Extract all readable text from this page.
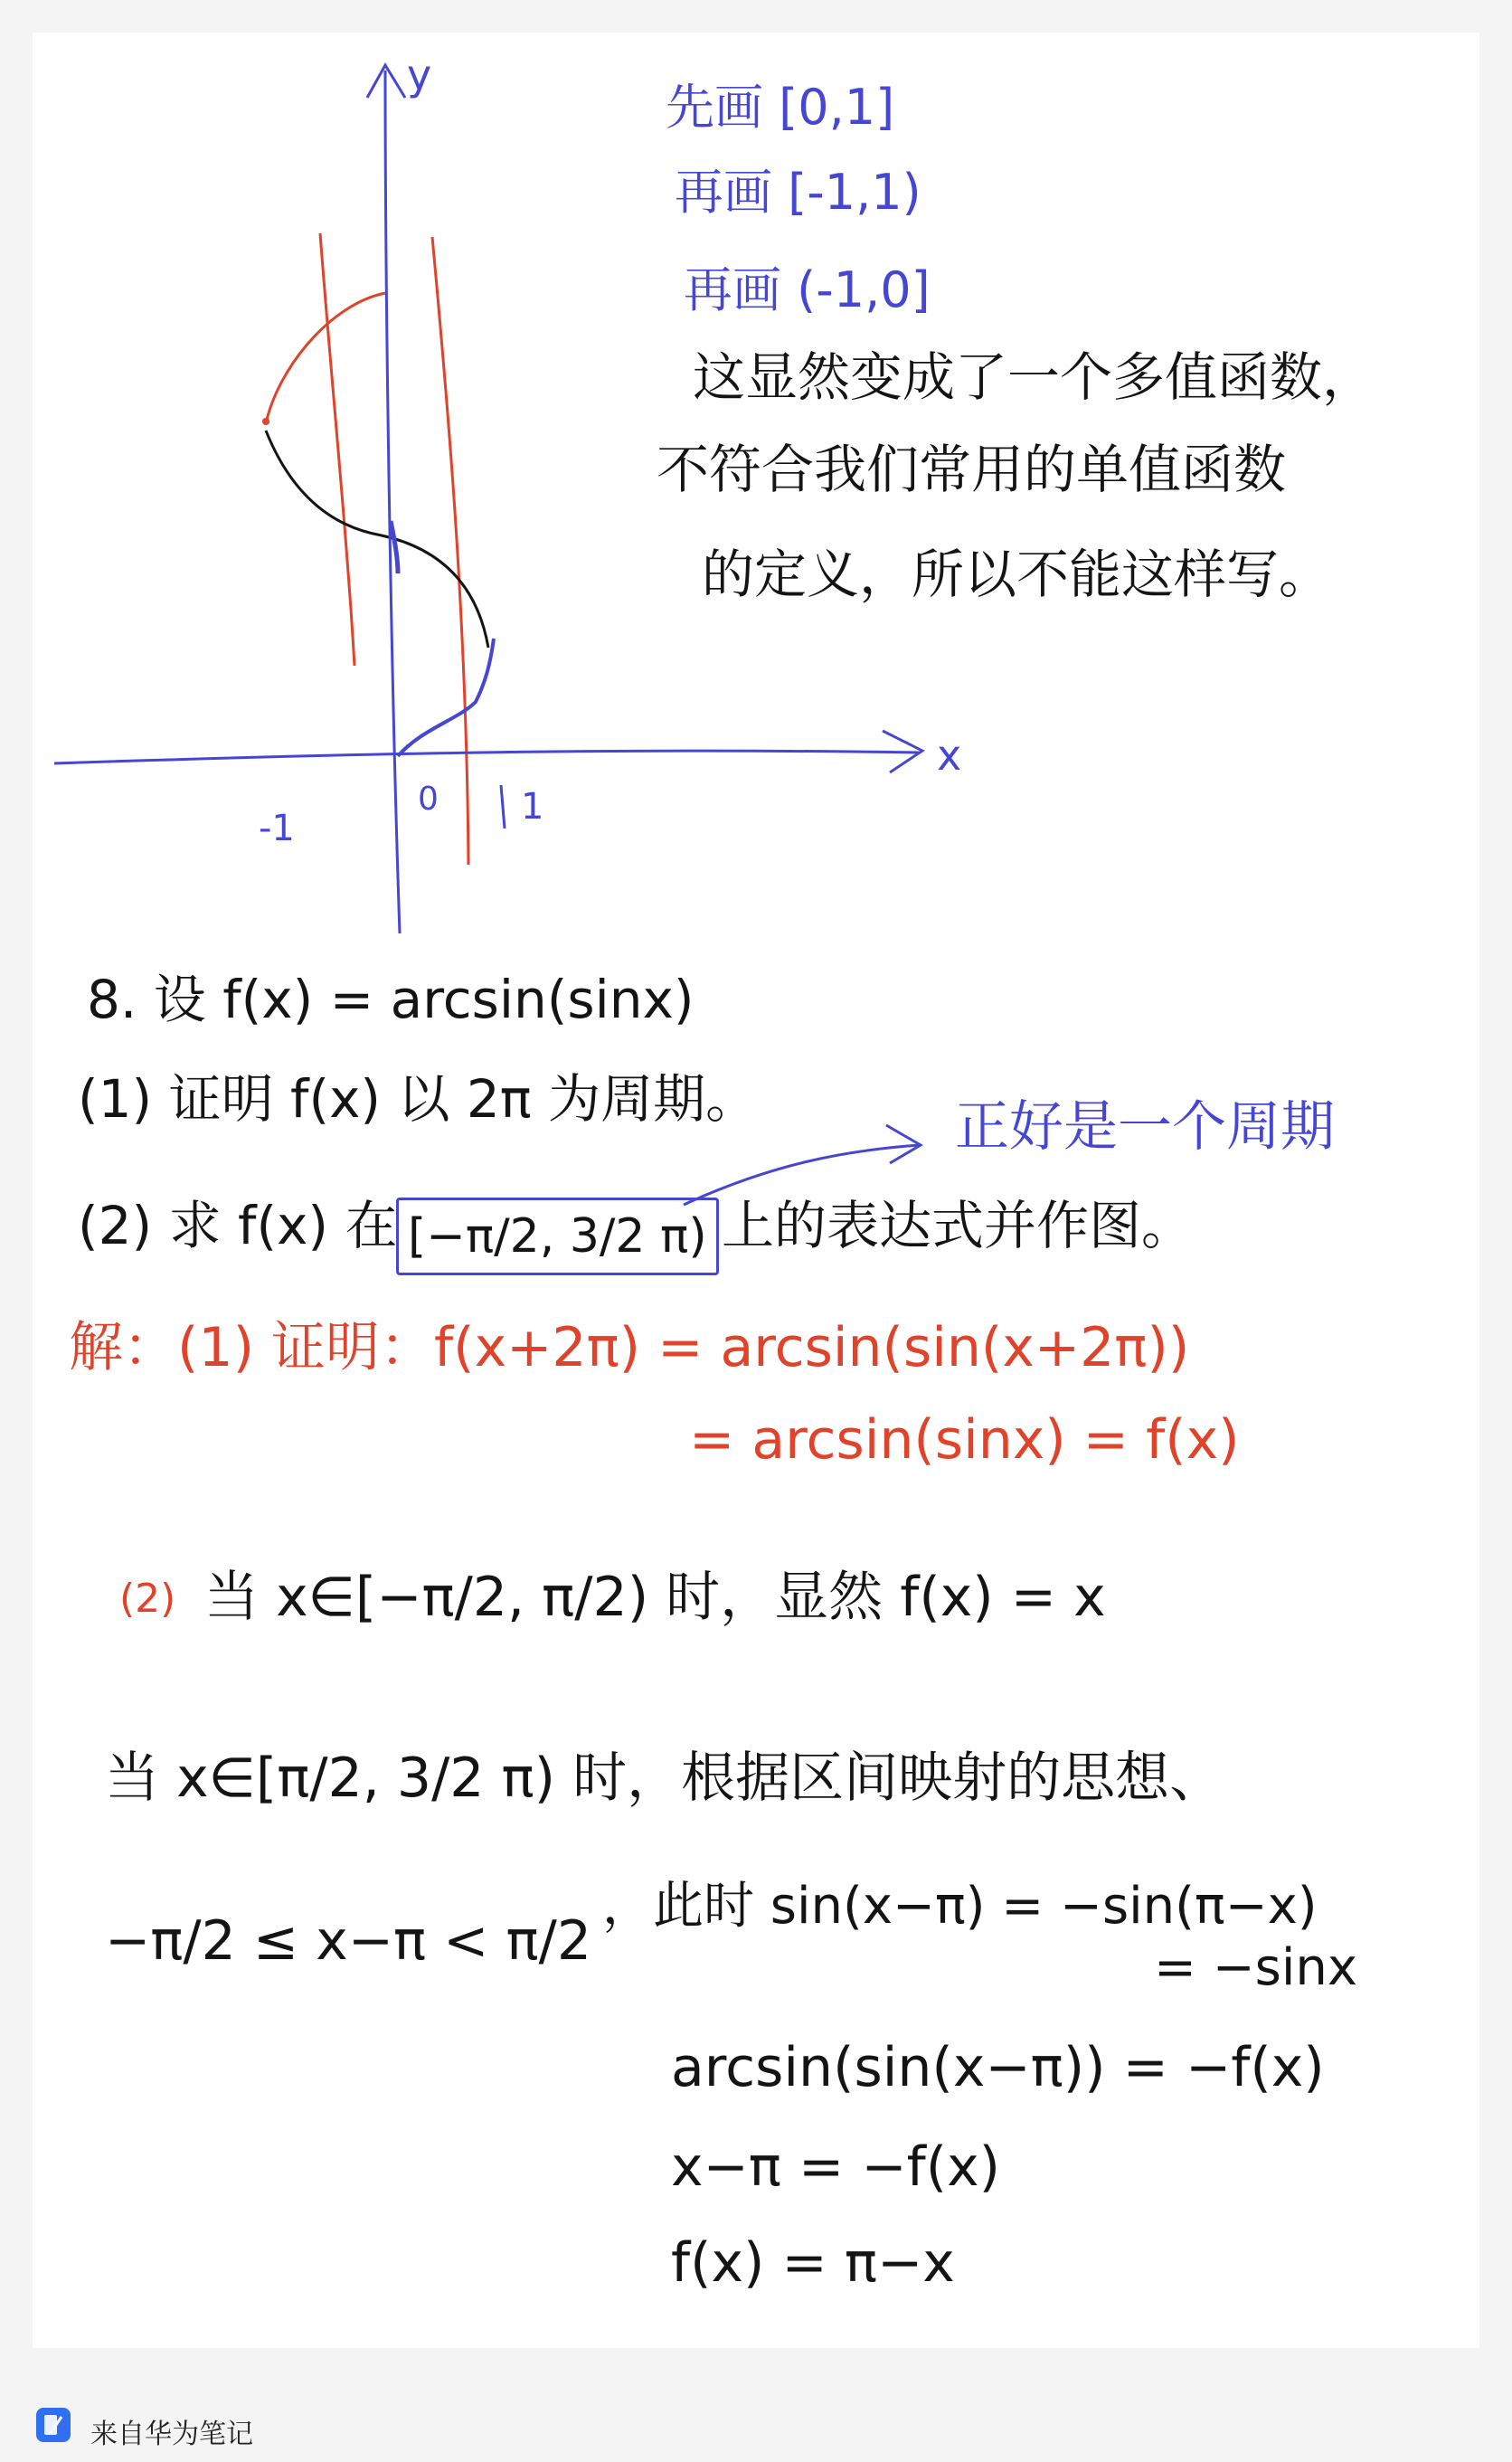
y
x
-1
0 1
先画 [0,1]
再画 [-1,1)
再画 (-1,0]
这显然变成了一个多值函数，
不符合我们常用的单值函数
的定义，所以不能这样写。
8. 设 f(x) = arcsin(sinx)
(1) 证明 f(x) 以 2π 为周期。
(2) 求 f(x) 在 [−π/2, 3/2 π) 上的表达式并作图。
正好是一个周期
解：(1) 证明：f(x+2π) = arcsin(sin(x+2π))
= arcsin(sinx) = f(x)
(2) 当 x∈[−π/2, π/2) 时，显然 f(x) = x
当 x∈[π/2, 3/2 π) 时，根据区间映射的思想、
−π/2 ≤ x−π < π/2
，此时 sin(x−π) = −sin(π−x)
= −sinx
arcsin(sin(x−π)) = −f(x)
x−π = −f(x)
f(x) = π−x
来自华为笔记
